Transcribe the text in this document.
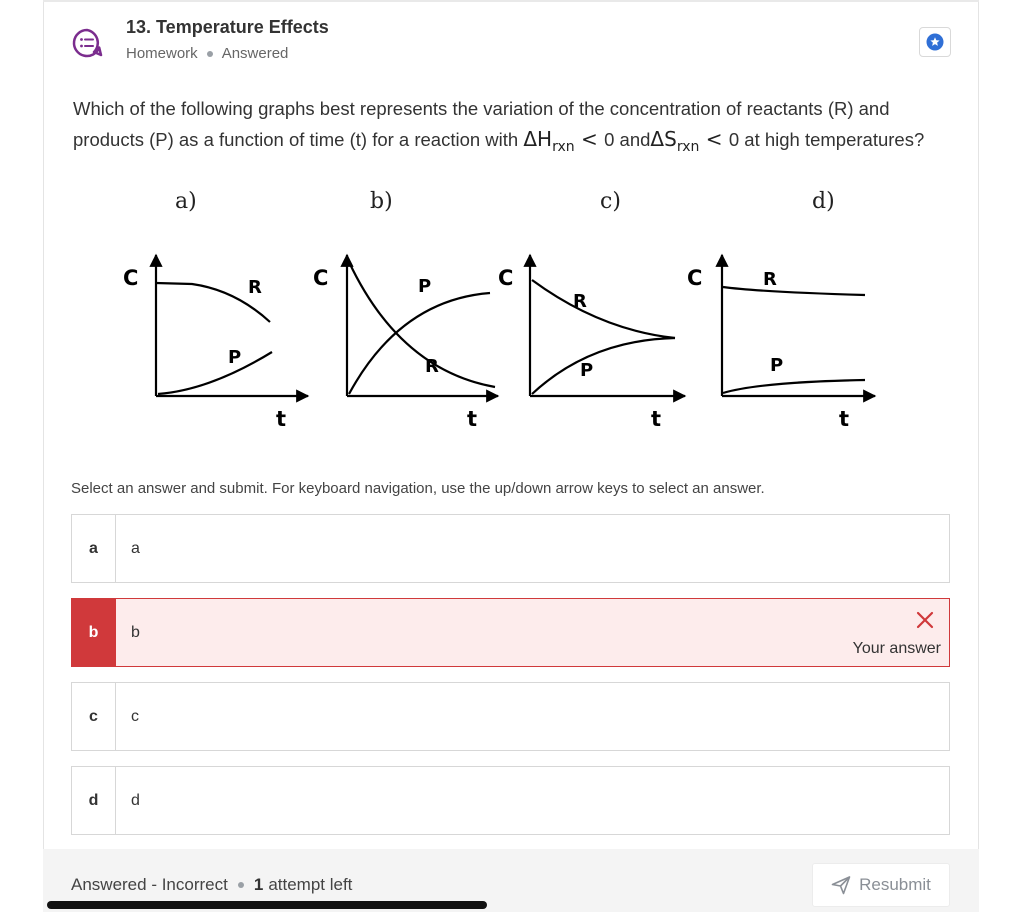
13. Temperature Effects
Homework Answered
Which of the following graphs best represents the variation of the concentration of reactants (R) and products (P) as a function of time (t) for a reaction with $\Delta H_{rxn} < 0$ andΔS$_{rxn}$ < 0 at high temperatures?
a)	b)	c)	d)
C	R
P
t
C	P
R
t
C
R
P
t
C	R
P
t
Select an answer and submit. For keyboard navigation, use the up/down arrow keys to select an answer.
a	a
b	b
Your answer
c	c
d	d
Answered - Incorrect 1 attempt left	Resubmit
